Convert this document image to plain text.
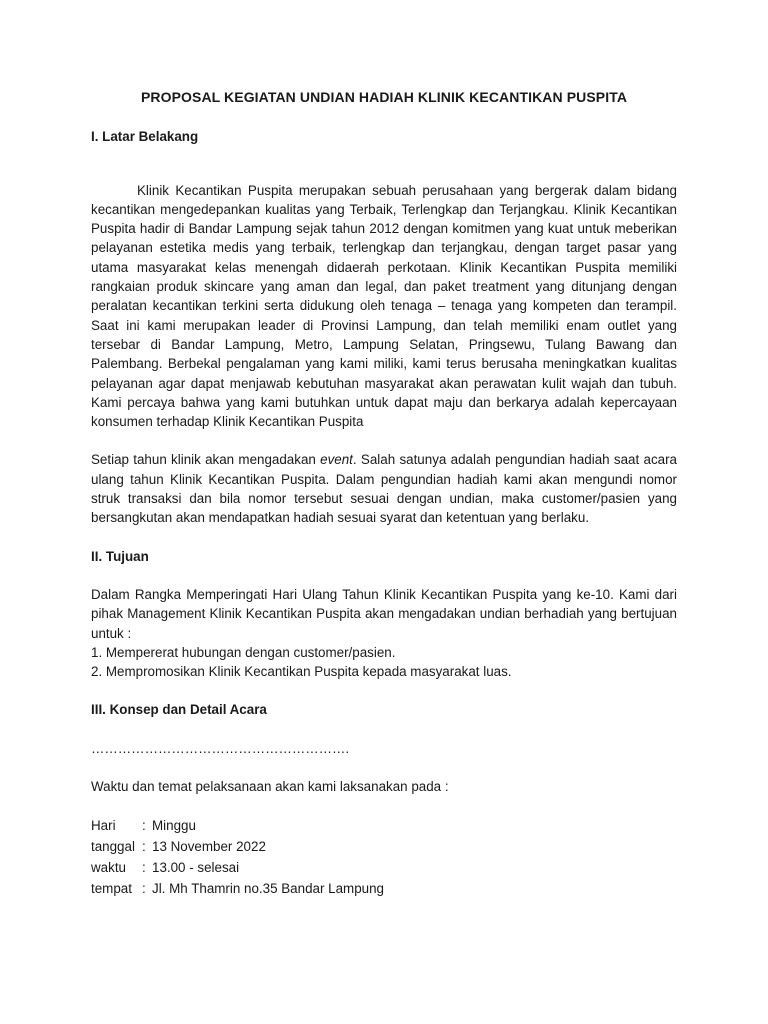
PROPOSAL KEGIATAN UNDIAN HADIAH KLINIK KECANTIKAN PUSPITA

I. Latar Belakang

Klinik Kecantikan Puspita merupakan sebuah perusahaan yang bergerak dalam bidang kecantikan mengedepankan kualitas yang Terbaik, Terlengkap dan Terjangkau. Klinik Kecantikan Puspita hadir di Bandar Lampung sejak tahun 2012 dengan komitmen yang kuat untuk meberikan pelayanan estetika medis yang terbaik, terlengkap dan terjangkau, dengan target pasar yang utama masyarakat kelas menengah didaerah perkotaan. Klinik Kecantikan Puspita memiliki rangkaian produk skincare yang aman dan legal, dan paket treatment yang ditunjang dengan peralatan kecantikan terkini serta didukung oleh tenaga – tenaga yang kompeten dan terampil. Saat ini kami merupakan leader di Provinsi Lampung, dan telah memiliki enam outlet yang tersebar di Bandar Lampung, Metro, Lampung Selatan, Pringsewu, Tulang Bawang dan Palembang. Berbekal pengalaman yang kami miliki, kami terus berusaha meningkatkan kualitas pelayanan agar dapat menjawab kebutuhan masyarakat akan perawatan kulit wajah dan tubuh. Kami percaya bahwa yang kami butuhkan untuk dapat maju dan berkarya adalah kepercayaan konsumen terhadap Klinik Kecantikan Puspita

Setiap tahun klinik akan mengadakan event. Salah satunya adalah pengundian hadiah saat acara ulang tahun Klinik Kecantikan Puspita. Dalam pengundian hadiah kami akan mengundi nomor struk transaksi dan bila nomor tersebut sesuai dengan undian, maka customer/pasien yang bersangkutan akan mendapatkan hadiah sesuai syarat dan ketentuan yang berlaku.

II. Tujuan

Dalam Rangka Memperingati Hari Ulang Tahun Klinik Kecantikan Puspita yang ke-10. Kami dari pihak Management Klinik Kecantikan Puspita akan mengadakan undian berhadiah yang bertujuan untuk :

1. Mempererat hubungan dengan customer/pasien.

2. Mempromosikan Klinik Kecantikan Puspita kepada masyarakat luas.

III. Konsep dan Detail Acara

………………………………………………….

Waktu dan temat pelaksanaan akan kami laksanakan pada :

Hari	: Minggu
tanggal : 13 November 2022
waktu	: 13.00 - selesai
tempat : Jl. Mh Thamrin no.35 Bandar Lampung
